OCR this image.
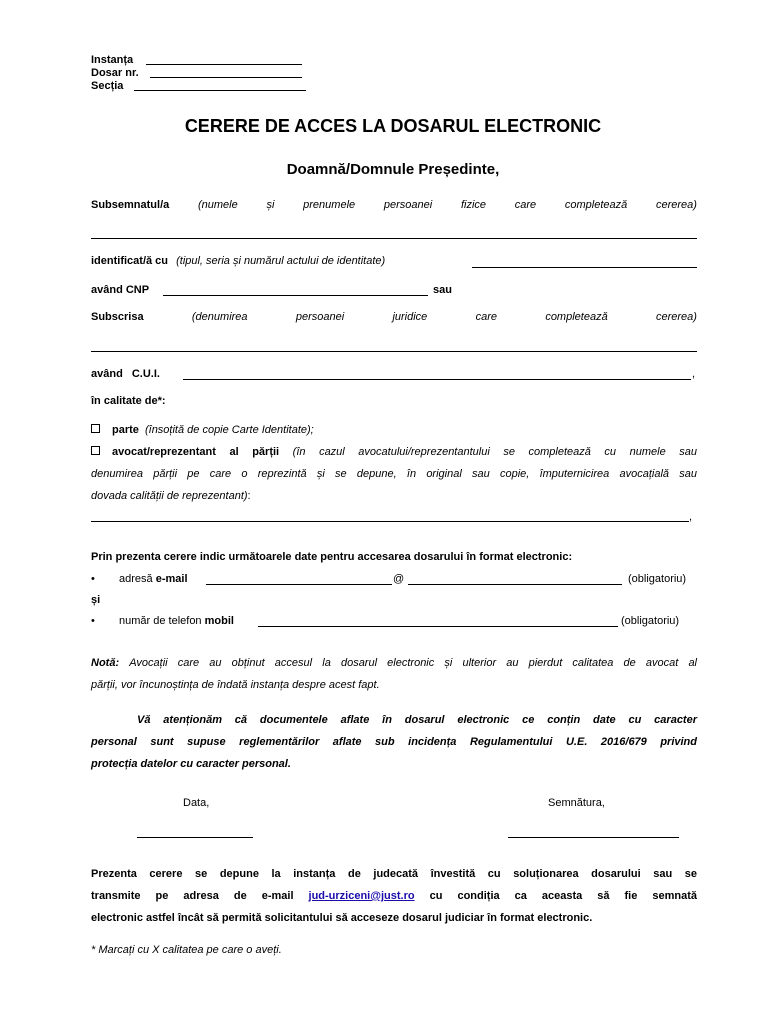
Instanța
Dosar nr.
Secția
CERERE DE ACCES LA DOSARUL ELECTRONIC
Doamnă/Domnule Președinte,
Subsemnatul/a	(numele	și	prenumele	persoanei	fizice	care	completează	cererea)
identificat/ă cu (tipul, seria și numărul actului de identitate)
având CNP	sau
Subscrisa	(denumirea	persoanei	juridice	care	completează	cererea)
având C.U.I.	,
în calitate de*:
parte (însoțită de copie Carte Identitate);
avocat/reprezentant al părții (în cazul avocatului/reprezentantului se completează cu numele sau
denumirea părții pe care o reprezintă și se depune, în original sau copie, împuternicirea avocațială sau
dovada calității de reprezentant):
,
Prin prezenta cerere indic următoarele date pentru accesarea dosarului în format electronic:
• adresă e-mail	@	(obligatoriu)
și
• număr de telefon mobil	(obligatoriu)
Notă: Avocații care au obținut accesul la dosarul electronic și ulterior au pierdut calitatea de avocat al
părții, vor încunoștința de îndată instanța despre acest fapt.
Vă atenționăm că documentele aflate în dosarul electronic ce conțin date cu caracter
personal sunt supuse reglementărilor aflate sub incidența Regulamentului U.E. 2016/679 privind
protecția datelor cu caracter personal.
Data,	Semnătura,
Prezenta cerere se depune la instanța de judecată învestită cu soluționarea dosarului sau se
transmite pe adresa de e-mail jud-urziceni@just.ro cu condiția ca aceasta să fie semnată
electronic astfel încât să permită solicitantului să acceseze dosarul judiciar în format electronic.
* Marcați cu X calitatea pe care o aveți.
